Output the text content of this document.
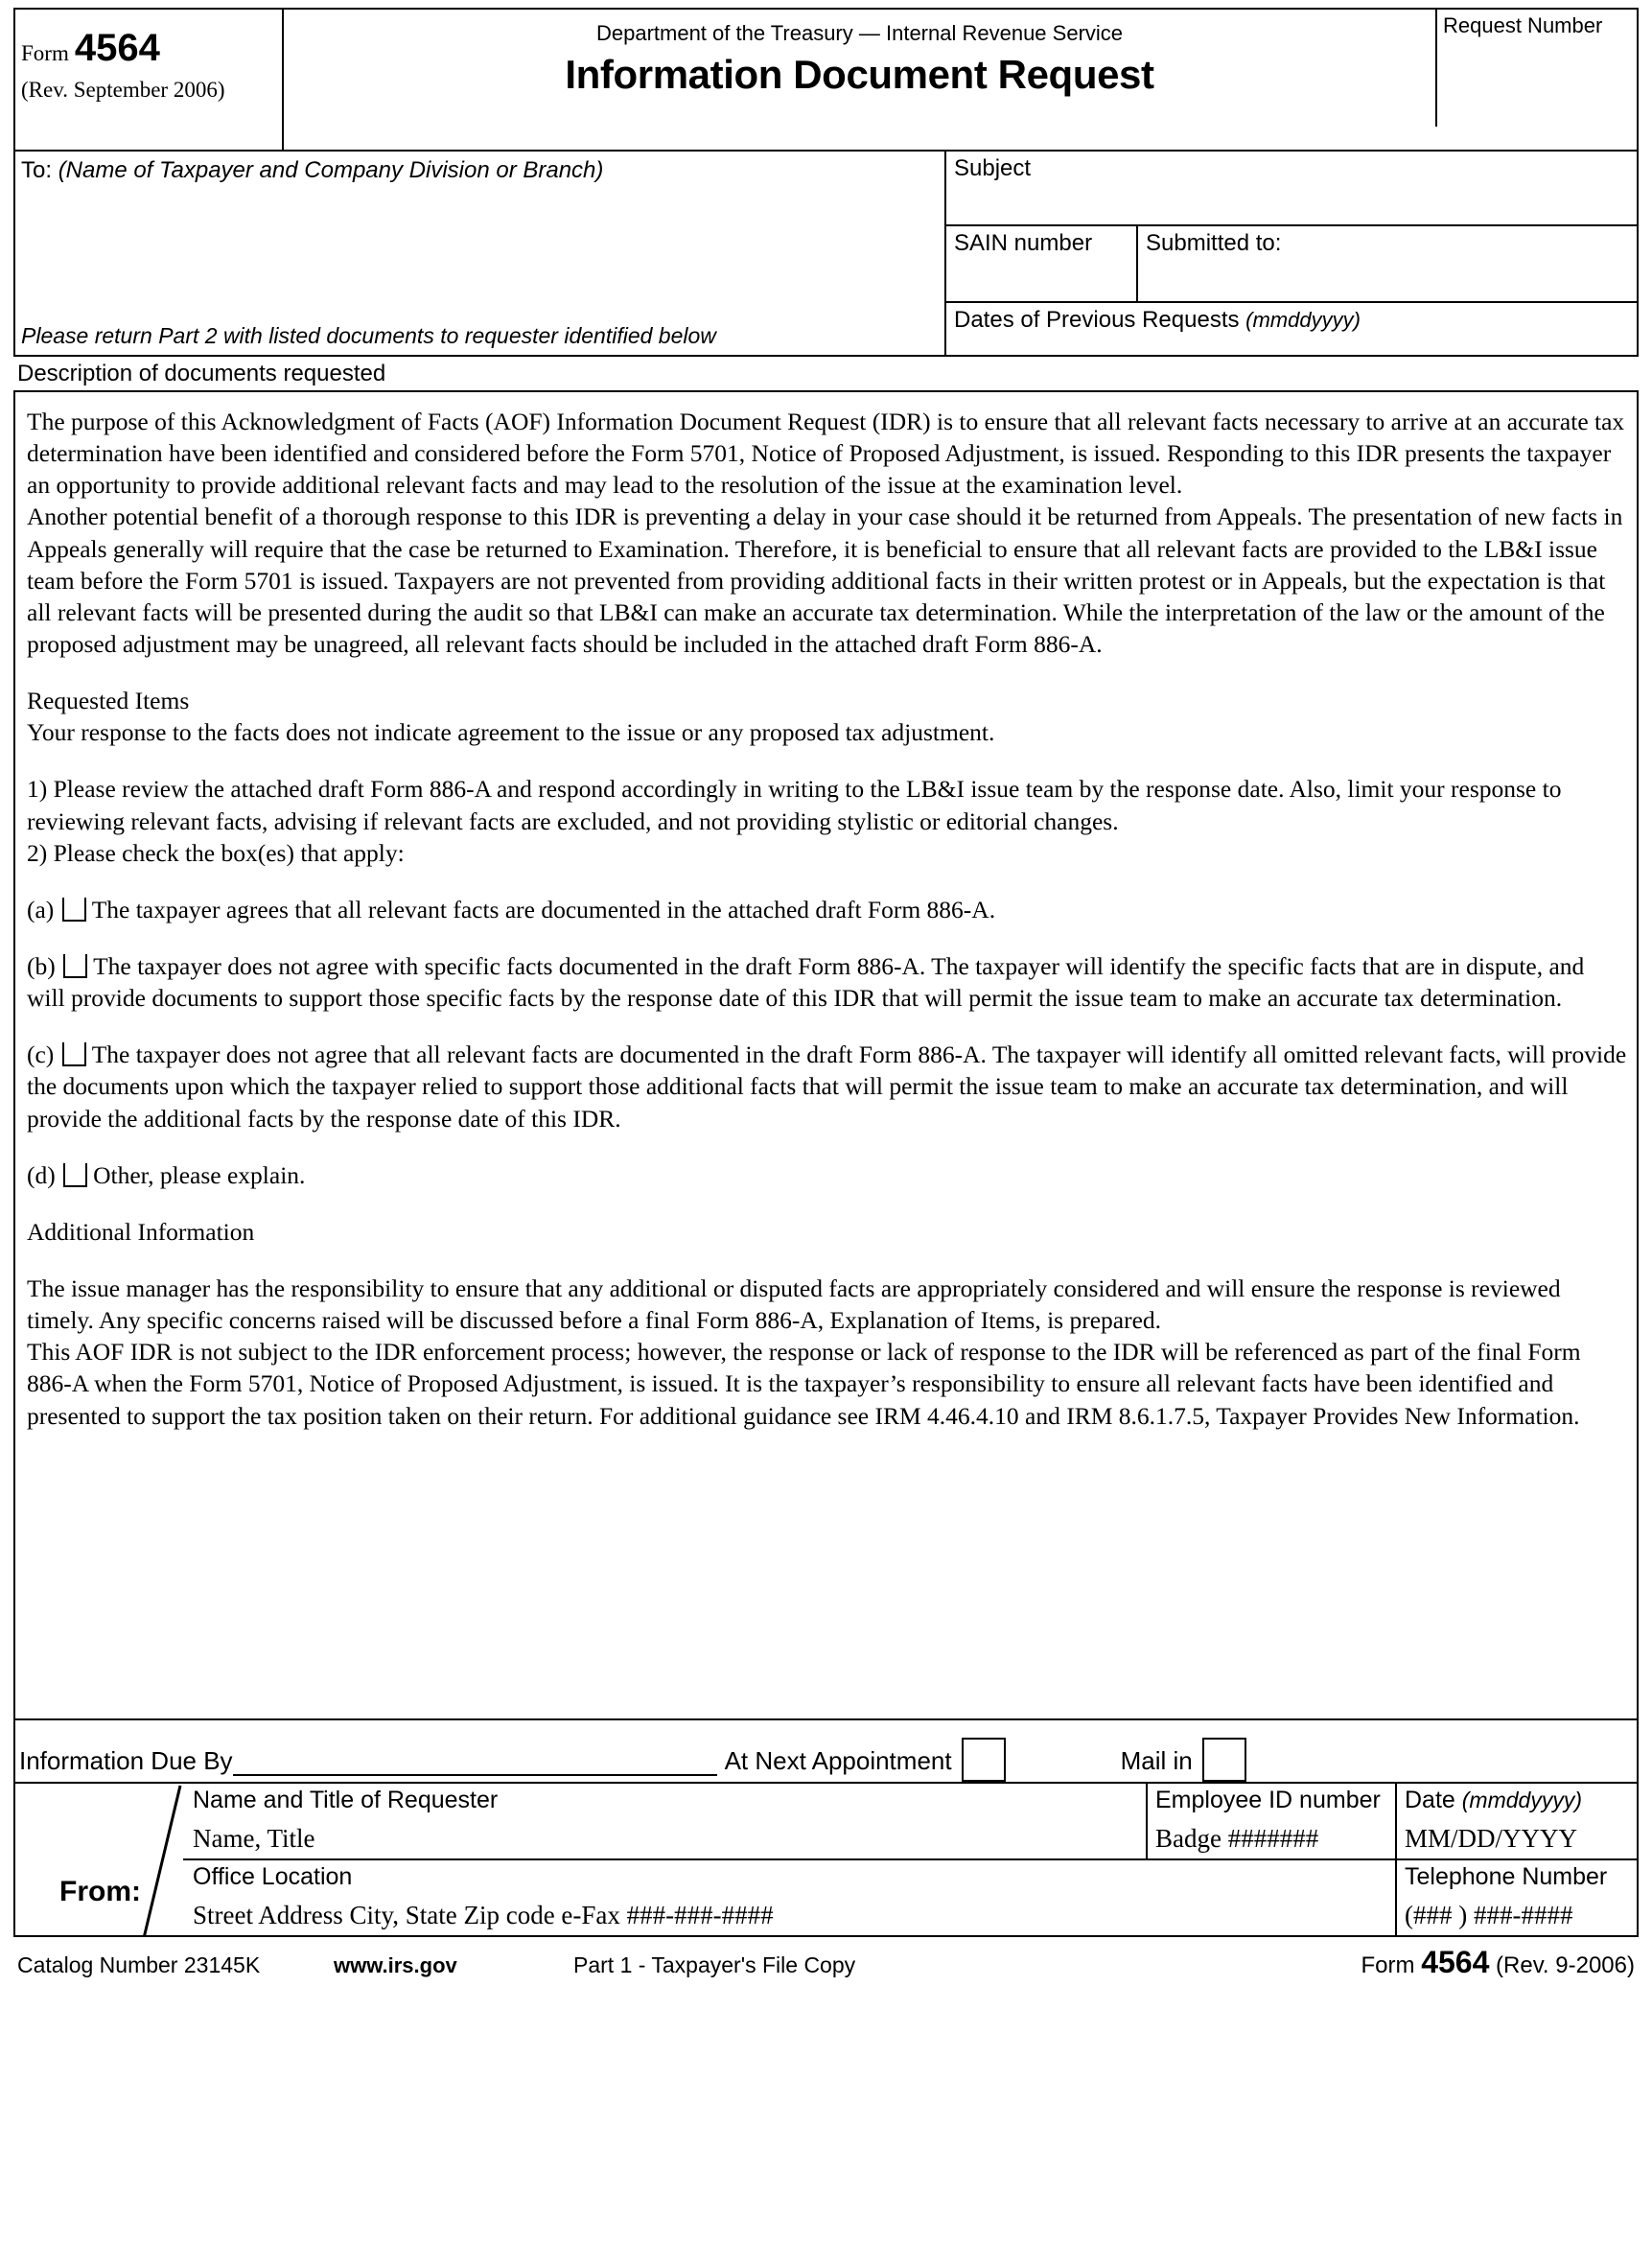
Form 4564
(Rev. September 2006)
Department of the Treasury — Internal Revenue Service
Information Document Request
Request Number
To: (Name of Taxpayer and Company Division or Branch)
Please return Part 2 with listed documents to requester identified below
Subject
SAIN number	Submitted to:
Dates of Previous Requests (mmddyyyy)
Description of documents requested

The purpose of this Acknowledgment of Facts (AOF) Information Document Request (IDR) is to ensure that all relevant facts necessary to arrive at an accurate tax determination have been identified and considered before the Form 5701, Notice of Proposed Adjustment, is issued. Responding to this IDR presents the taxpayer an opportunity to provide additional relevant facts and may lead to the resolution of the issue at the examination level.

Another potential benefit of a thorough response to this IDR is preventing a delay in your case should it be returned from Appeals. The presentation of new facts in Appeals generally will require that the case be returned to Examination. Therefore, it is beneficial to ensure that all relevant facts are provided to the LB&I issue team before the Form 5701 is issued. Taxpayers are not prevented from providing additional facts in their written protest or in Appeals, but the expectation is that all relevant facts will be presented during the audit so that LB&I can make an accurate tax determination. While the interpretation of the law or the amount of the proposed adjustment may be unagreed, all relevant facts should be included in the attached draft Form 886-A.

Requested Items

Your response to the facts does not indicate agreement to the issue or any proposed tax adjustment.

1) Please review the attached draft Form 886-A and respond accordingly in writing to the LB&I issue team by the response date. Also, limit your response to reviewing relevant facts, advising if relevant facts are excluded, and not providing stylistic or editorial changes.

2) Please check the box(es) that apply:

(a) The taxpayer agrees that all relevant facts are documented in the attached draft Form 886-A.

(b) The taxpayer does not agree with specific facts documented in the draft Form 886-A. The taxpayer will identify the specific facts that are in dispute, and will provide documents to support those specific facts by the response date of this IDR that will permit the issue team to make an accurate tax determination.

(c) The taxpayer does not agree that all relevant facts are documented in the draft Form 886-A. The taxpayer will identify all omitted relevant facts, will provide the documents upon which the taxpayer relied to support those additional facts that will permit the issue team to make an accurate tax determination, and will provide the additional facts by the response date of this IDR.

(d) Other, please explain.

Additional Information

The issue manager has the responsibility to ensure that any additional or disputed facts are appropriately considered and will ensure the response is reviewed timely. Any specific concerns raised will be discussed before a final Form 886-A, Explanation of Items, is prepared.

This AOF IDR is not subject to the IDR enforcement process; however, the response or lack of response to the IDR will be referenced as part of the final Form 886-A when the Form 5701, Notice of Proposed Adjustment, is issued. It is the taxpayer’s responsibility to ensure all relevant facts have been identified and presented to support the tax position taken on their return. For additional guidance see IRM 4.46.4.10 and IRM 8.6.1.7.5, Taxpayer Provides New Information.

Information Due By	At Next Appointment	Mail in
From:
Name and Title of Requester
Name, Title
Employee ID number
Badge #######
Date (mmddyyyy)
MM/DD/YYYY
Office Location
Street Address City, State Zip code e-Fax ###-###-####
Telephone Number
(### ) ###-####
Catalog Number 23145K	www.irs.gov	Part 1 - Taxpayer's File Copy	Form 4564 (Rev. 9-2006)
